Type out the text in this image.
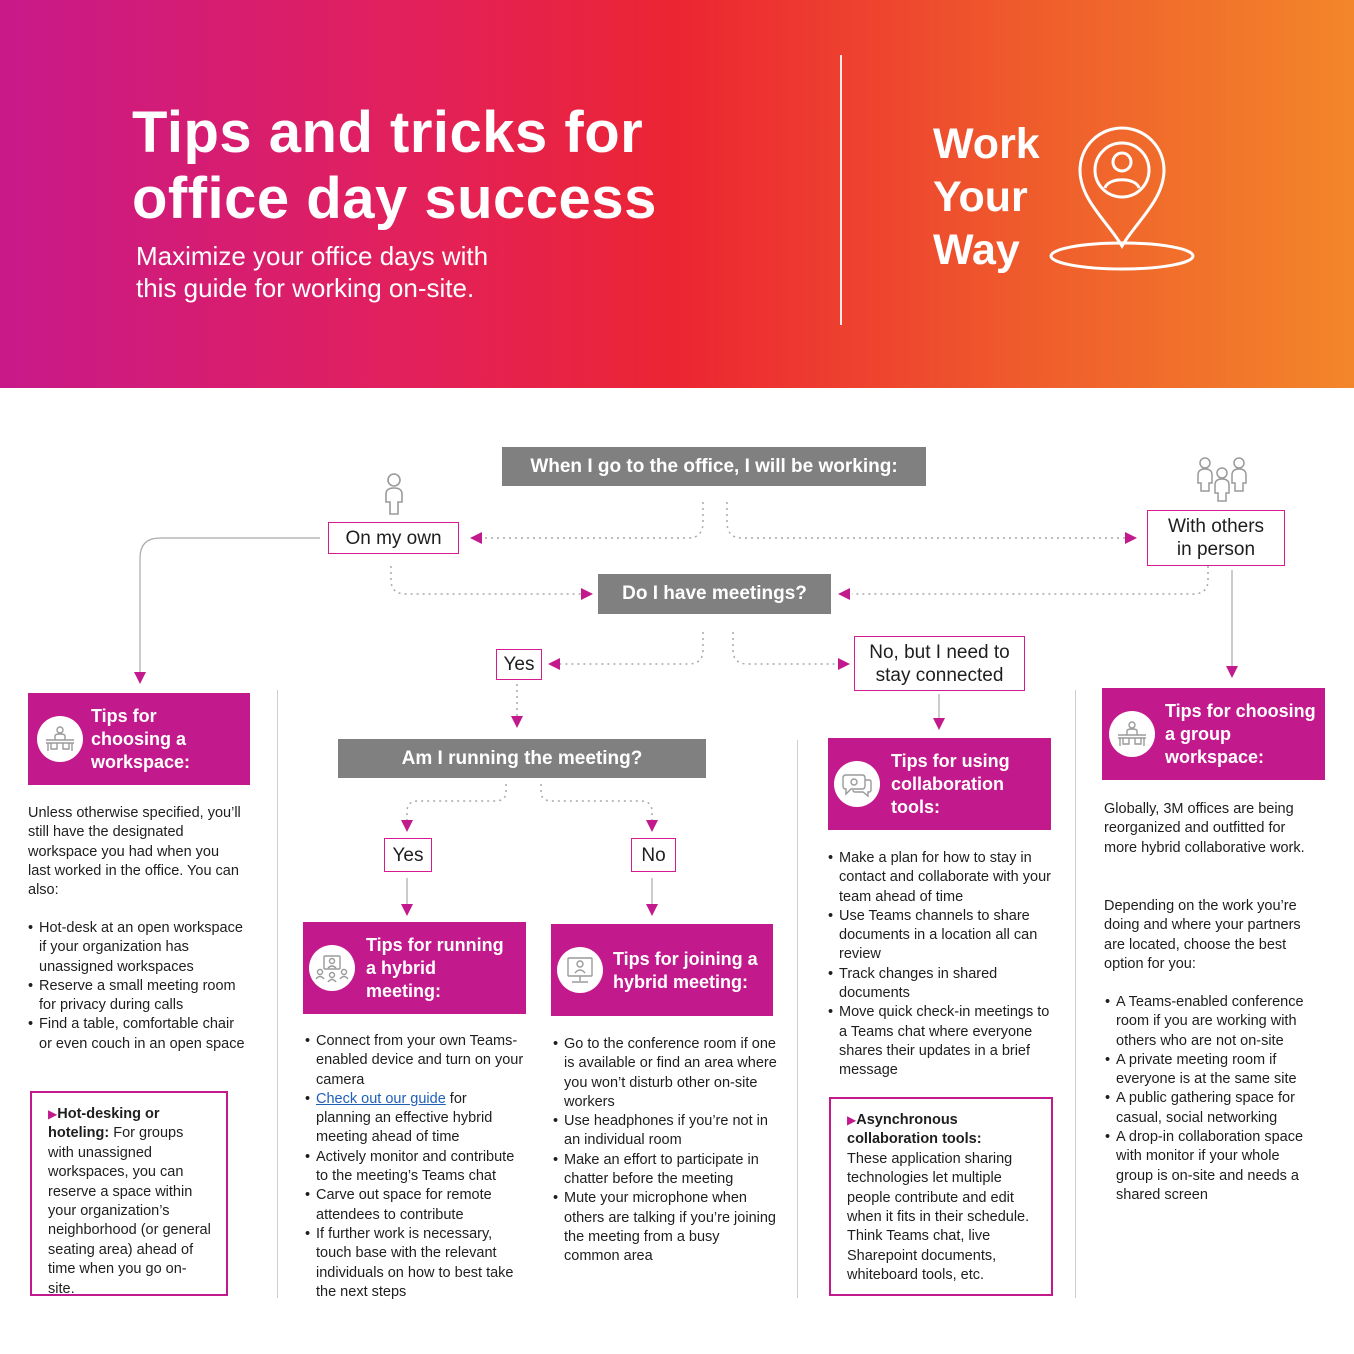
Tips and tricks for
office day success
Maximize your office days with
this guide for working on-site.
Work
Your
Way
When I go to the office, I will be working:
On my own
With others
in person
Do I have meetings?
Yes
No, but I need to
stay connected
Am I running the meeting?
Yes	No
Tips for
choosing a
workspace:
Unless otherwise specified, you’ll still have the designated workspace you had when you last worked in the office. You can also:
• Hot-desk at an open workspace if your organization has unassigned workspaces
• Reserve a small meeting room for privacy during calls
• Find a table, comfortable chair or even couch in an open space
▶Hot-desking or hoteling: For groups with unassigned workspaces, you can reserve a space within your organization’s neighborhood (or general seating area) ahead of time when you go on-site.
Tips for running
a hybrid
meeting:
• Connect from your own Teams-enabled device and turn on your camera
• Check out our guide for planning an effective hybrid meeting ahead of time
• Actively monitor and contribute to the meeting’s Teams chat
• Carve out space for remote attendees to contribute
• If further work is necessary, touch base with the relevant individuals on how to best take the next steps
Tips for joining a
hybrid meeting:
• Go to the conference room if one is available or find an area where you won’t disturb other on-site workers
• Use headphones if you’re not in an individual room
• Make an effort to participate in chatter before the meeting
• Mute your microphone when others are talking if you’re joining the meeting from a busy common area
Tips for using
collaboration
tools:
• Make a plan for how to stay in contact and collaborate with your team ahead of time
• Use Teams channels to share documents in a location all can review
• Track changes in shared documents
• Move quick check-in meetings to a Teams chat where everyone shares their updates in a brief message
▶Asynchronous collaboration tools:
These application sharing technologies let multiple people contribute and edit when it fits in their schedule. Think Teams chat, live Sharepoint documents, whiteboard tools, etc.
Tips for choosing
a group
workspace:
Globally, 3M offices are being reorganized and outfitted for more hybrid collaborative work.
Depending on the work you’re doing and where your partners are located, choose the best option for you:
• A Teams-enabled conference room if you are working with others who are not on-site
• A private meeting room if everyone is at the same site
• A public gathering space for casual, social networking
• A drop-in collaboration space with monitor if your whole group is on-site and needs a shared screen
